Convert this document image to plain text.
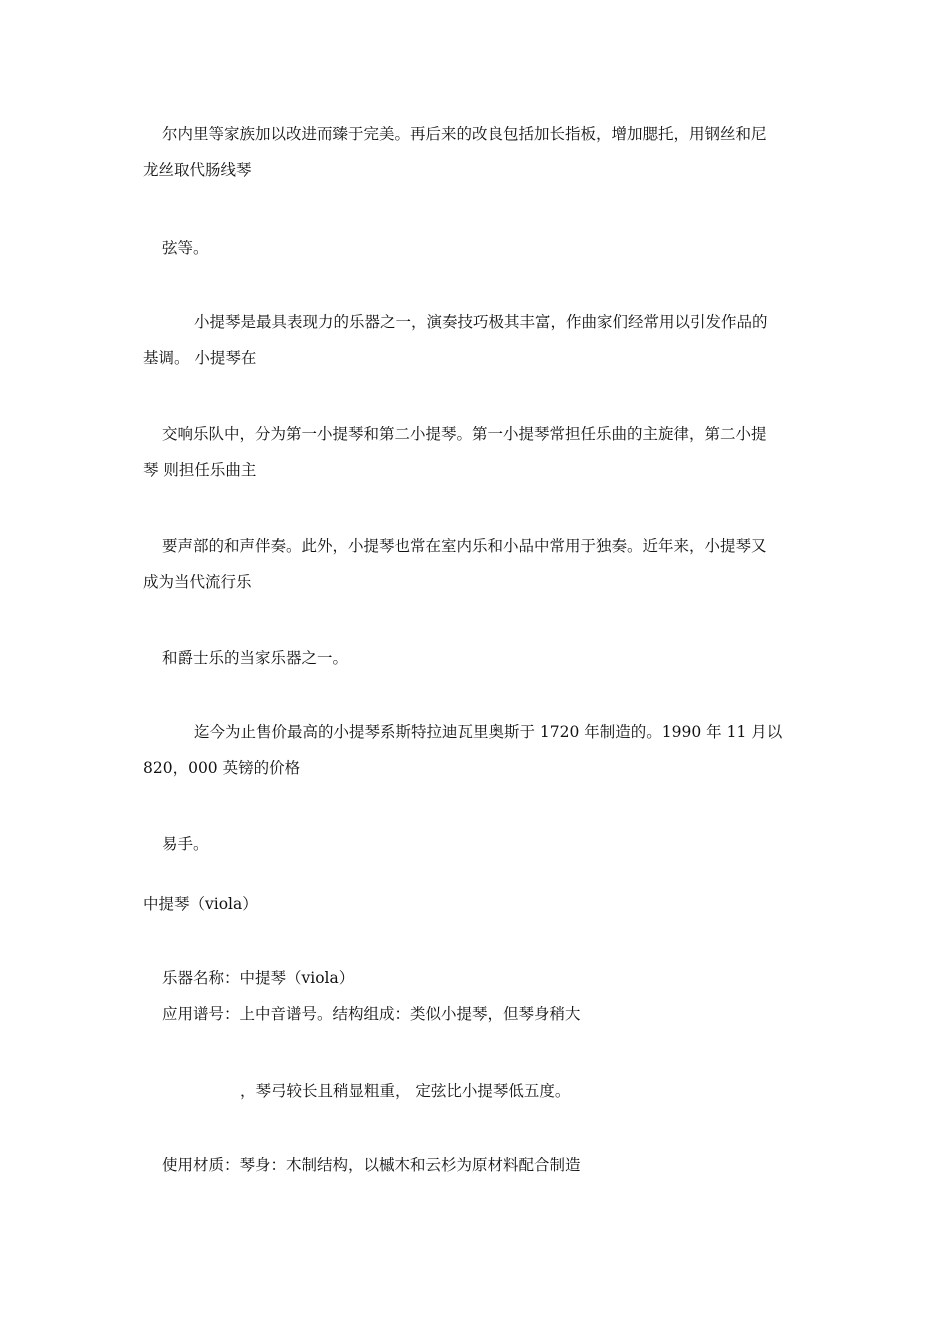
尔内里等家族加以改进而臻于完美。再后来的改良包括加长指板，增加腮托，用钢丝和尼
龙丝取代肠线琴
弦等。
小提琴是最具表现力的乐器之一，演奏技巧极其丰富，作曲家们经常用以引发作品的
基调。 小提琴在
交响乐队中，分为第一小提琴和第二小提琴。第一小提琴常担任乐曲的主旋律，第二小提
琴 则担任乐曲主
要声部的和声伴奏。此外，小提琴也常在室内乐和小品中常用于独奏。近年来，小提琴又
成为当代流行乐
和爵士乐的当家乐器之一。
迄今为止售价最高的小提琴系斯特拉迪瓦里奥斯于 1720 年制造的。1990 年 11 月以
820，000 英镑的价格
易手。
中提琴（viola）
乐器名称：中提琴（viola）
应用谱号：上中音谱号。结构组成：类似小提琴，但琴身稍大
，琴弓较长且稍显粗重， 定弦比小提琴低五度。
使用材质：琴身：木制结构，以槭木和云杉为原材料配合制造
